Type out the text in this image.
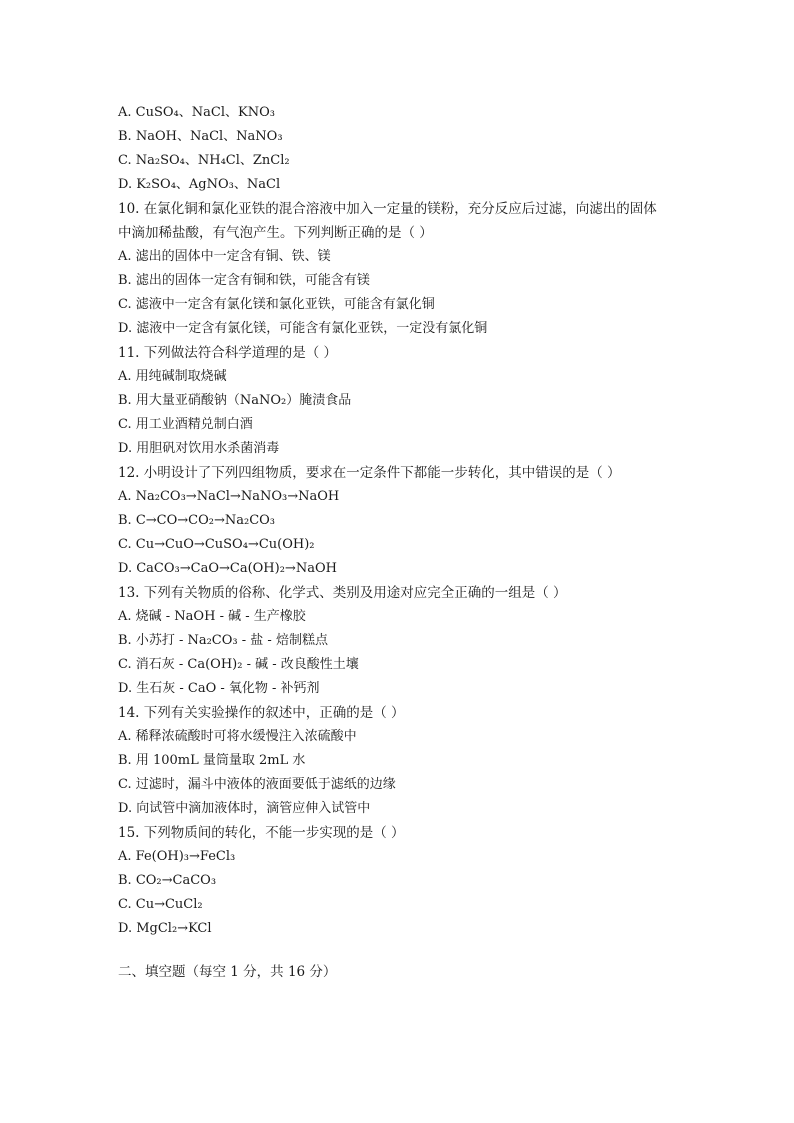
A. CuSO₄、NaCl、KNO₃
B. NaOH、NaCl、NaNO₃
C. Na₂SO₄、NH₄Cl、ZnCl₂
D. K₂SO₄、AgNO₃、NaCl
10. 在氯化铜和氯化亚铁的混合溶液中加入一定量的镁粉，充分反应后过滤，向滤出的固体
中滴加稀盐酸，有气泡产生。下列判断正确的是（ ）
A. 滤出的固体中一定含有铜、铁、镁
B. 滤出的固体一定含有铜和铁，可能含有镁
C. 滤液中一定含有氯化镁和氯化亚铁，可能含有氯化铜
D. 滤液中一定含有氯化镁，可能含有氯化亚铁，一定没有氯化铜
11. 下列做法符合科学道理的是（ ）
A. 用纯碱制取烧碱
B. 用大量亚硝酸钠（NaNO₂）腌渍食品
C. 用工业酒精兑制白酒
D. 用胆矾对饮用水杀菌消毒
12. 小明设计了下列四组物质，要求在一定条件下都能一步转化，其中错误的是（ ）
A. Na₂CO₃→NaCl→NaNO₃→NaOH
B. C→CO→CO₂→Na₂CO₃
C. Cu→CuO→CuSO₄→Cu(OH)₂
D. CaCO₃→CaO→Ca(OH)₂→NaOH
13. 下列有关物质的俗称、化学式、类别及用途对应完全正确的一组是（ ）
A. 烧碱 - NaOH - 碱 - 生产橡胶
B. 小苏打 - Na₂CO₃ - 盐 - 焙制糕点
C. 消石灰 - Ca(OH)₂ - 碱 - 改良酸性土壤
D. 生石灰 - CaO - 氧化物 - 补钙剂
14. 下列有关实验操作的叙述中，正确的是（ ）
A. 稀释浓硫酸时可将水缓慢注入浓硫酸中
B. 用 100mL 量筒量取 2mL 水
C. 过滤时，漏斗中液体的液面要低于滤纸的边缘
D. 向试管中滴加液体时，滴管应伸入试管中
15. 下列物质间的转化，不能一步实现的是（ ）
A. Fe(OH)₃→FeCl₃
B. CO₂→CaCO₃
C. Cu→CuCl₂
D. MgCl₂→KCl
二、填空题（每空 1 分，共 16 分）
